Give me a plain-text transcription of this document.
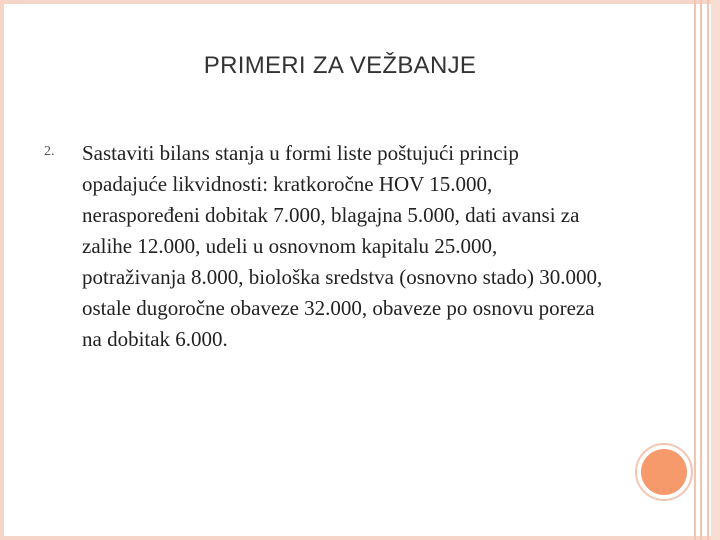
PRIMERI ZA VEŽBANJE
2. Sastaviti bilans stanja u formi liste poštujući princip opadajuće likvidnosti: kratkoročne HOV 15.000, neraspoređeni dobitak 7.000, blagajna 5.000, dati avansi za zalihe 12.000, udeli u osnovnom kapitalu 25.000, potraživanja 8.000, biološka sredstva (osnovno stado) 30.000, ostale dugoročne obaveze 32.000, obaveze po osnovu poreza na dobitak 6.000.
